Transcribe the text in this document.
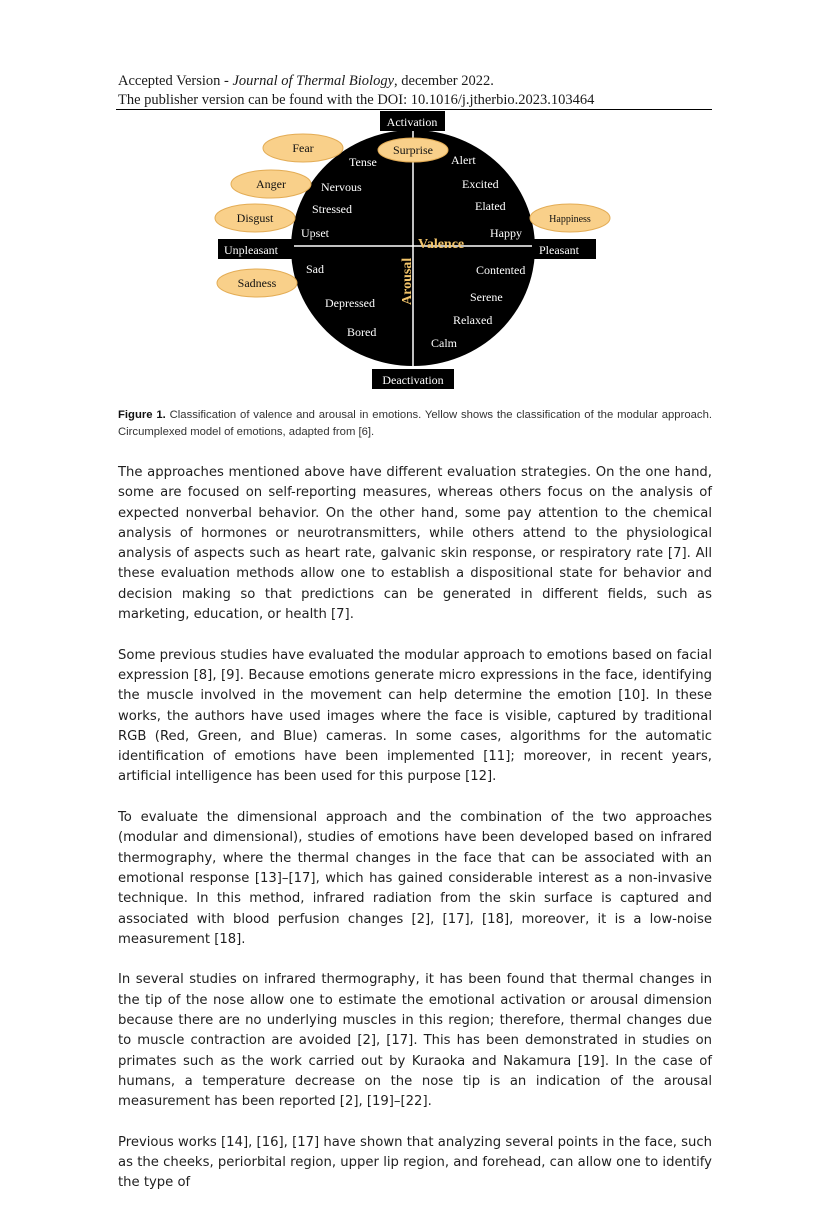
Accepted Version - Journal of Thermal Biology, december 2022.
The publisher version can be found with the DOI: 10.1016/j.jtherbio.2023.103464
Activation
Deactivation
Unpleasant	Pleasant
Valence
Arousal
Tense
Nervous
Stressed
Upset
Sad
Depressed
Bored
Calm
Relaxed
Serene
Contented
Happy
Elated
Excited
Alert
Fear
Anger
Disgust
Sadness
Surprise
Happiness
Figure 1. Classification of valence and arousal in emotions. Yellow shows the classification of the modular approach. Circumplexed model of emotions, adapted from [6].

The approaches mentioned above have different evaluation strategies. On the one hand, some are focused on self-reporting measures, whereas others focus on the analysis of expected nonverbal behavior. On the other hand, some pay attention to the chemical analysis of hormones or neurotransmitters, while others attend to the physiological analysis of aspects such as heart rate, galvanic skin response, or respiratory rate [7]. All these evaluation methods allow one to establish a dispositional state for behavior and decision making so that predictions can be generated in different fields, such as marketing, education, or health [7].

Some previous studies have evaluated the modular approach to emotions based on facial expression [8], [9]. Because emotions generate micro expressions in the face, identifying the muscle involved in the movement can help determine the emotion [10]. In these works, the authors have used images where the face is visible, captured by traditional RGB (Red, Green, and Blue) cameras. In some cases, algorithms for the automatic identification of emotions have been implemented [11]; moreover, in recent years, artificial intelligence has been used for this purpose [12].

To evaluate the dimensional approach and the combination of the two approaches (modular and dimensional), studies of emotions have been developed based on infrared thermography, where the thermal changes in the face that can be associated with an emotional response [13]–[17], which has gained considerable interest as a non-invasive technique. In this method, infrared radiation from the skin surface is captured and associated with blood perfusion changes [2], [17], [18], moreover, it is a low-noise measurement [18].

In several studies on infrared thermography, it has been found that thermal changes in the tip of the nose allow one to estimate the emotional activation or arousal dimension because there are no underlying muscles in this region; therefore, thermal changes due to muscle contraction are avoided [2], [17]. This has been demonstrated in studies on primates such as the work carried out by Kuraoka and Nakamura [19]. In the case of humans, a temperature decrease on the nose tip is an indication of the arousal measurement has been reported [2], [19]–[22].

Previous works [14], [16], [17] have shown that analyzing several points in the face, such as the cheeks, periorbital region, upper lip region, and forehead, can allow one to identify the type of
